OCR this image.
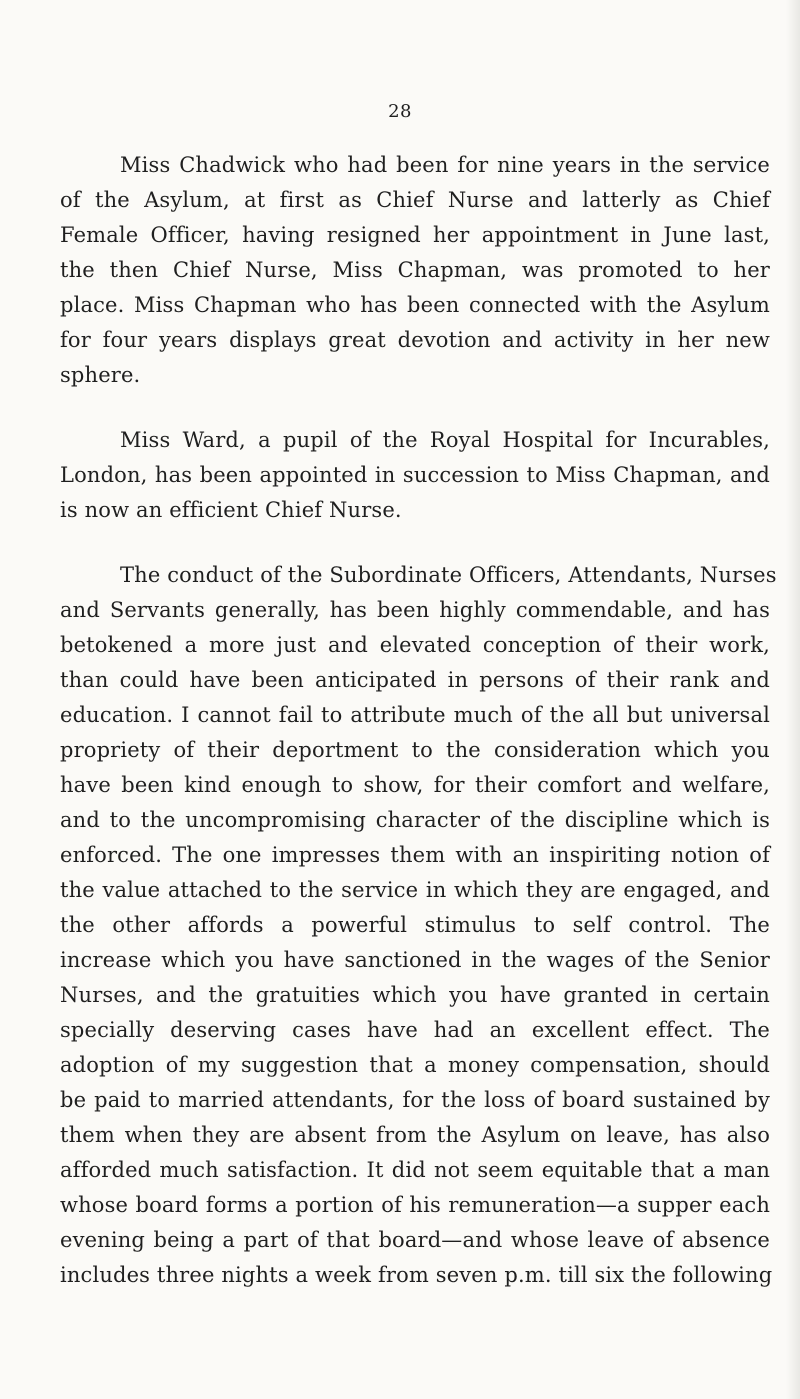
28
Miss Chadwick who had been for nine years in the service
of the Asylum, at first as Chief Nurse and latterly as Chief
Female Officer, having resigned her appointment in June last,
the then Chief Nurse, Miss Chapman, was promoted to her
place. Miss Chapman who has been connected with the Asylum
for four years displays great devotion and activity in her new
sphere.
Miss Ward, a pupil of the Royal Hospital for Incurables,
London, has been appointed in succession to Miss Chapman, and
is now an efficient Chief Nurse.
The conduct of the Subordinate Officers, Attendants, Nurses
and Servants generally, has been highly commendable, and has
betokened a more just and elevated conception of their work,
than could have been anticipated in persons of their rank and
education. I cannot fail to attribute much of the all but universal
propriety of their deportment to the consideration which you
have been kind enough to show, for their comfort and welfare,
and to the uncompromising character of the discipline which is
enforced. The one impresses them with an inspiriting notion of
the value attached to the service in which they are engaged, and
the other affords a powerful stimulus to self control. The
increase which you have sanctioned in the wages of the Senior
Nurses, and the gratuities which you have granted in certain
specially deserving cases have had an excellent effect. The
adoption of my suggestion that a money compensation, should
be paid to married attendants, for the loss of board sustained by
them when they are absent from the Asylum on leave, has also
afforded much satisfaction. It did not seem equitable that a man
whose board forms a portion of his remuneration—a supper each
evening being a part of that board—and whose leave of absence
includes three nights a week from seven p.m. till six the following
